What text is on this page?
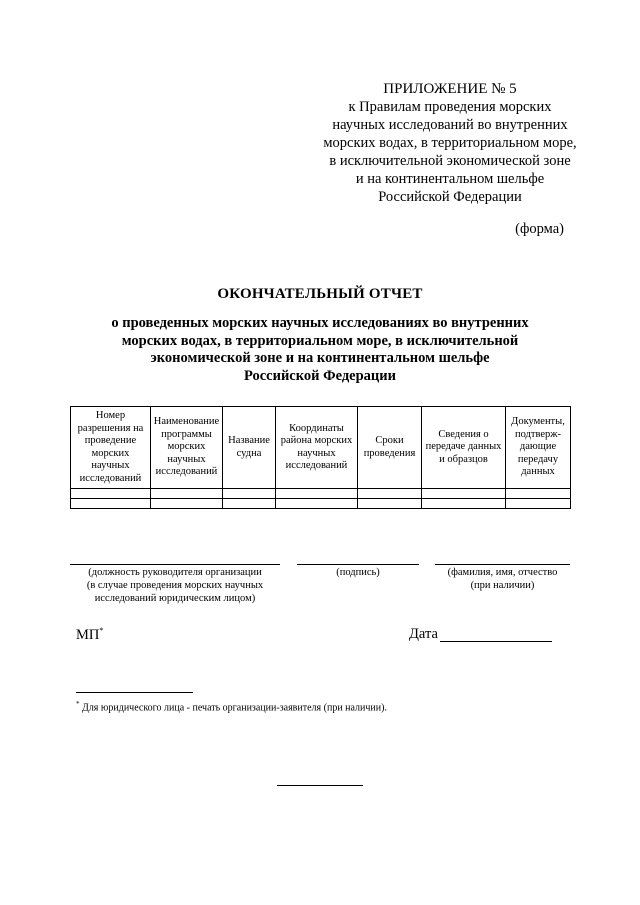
ПРИЛОЖЕНИЕ № 5
к Правилам проведения морских
научных исследований во внутренних
морских водах, в территориальном море,
в исключительной экономической зоне
и на континентальном шельфе
Российской Федерации
(форма)
ОКОНЧАТЕЛЬНЫЙ ОТЧЕТ
о проведенных морских научных исследованиях во внутренних
морских водах, в территориальном море, в исключительной
экономической зоне и на континентальном шельфе
Российской Федерации
Номер разрешения на проведение морских научных исследований	Наименование программы морских научных исследований	Название судна	Координаты района морских научных исследований	Сроки проведения	Сведения о передаче данных и образцов	Документы, подтверж-дающие передачу данных

(должность руководителя организации
(в случае проведения морских научных
исследований юридическим лицом)
(подпись)	(фамилия, имя, отчество
(при наличии)
МП*	Дата
* Для юридического лица - печать организации-заявителя (при наличии).
